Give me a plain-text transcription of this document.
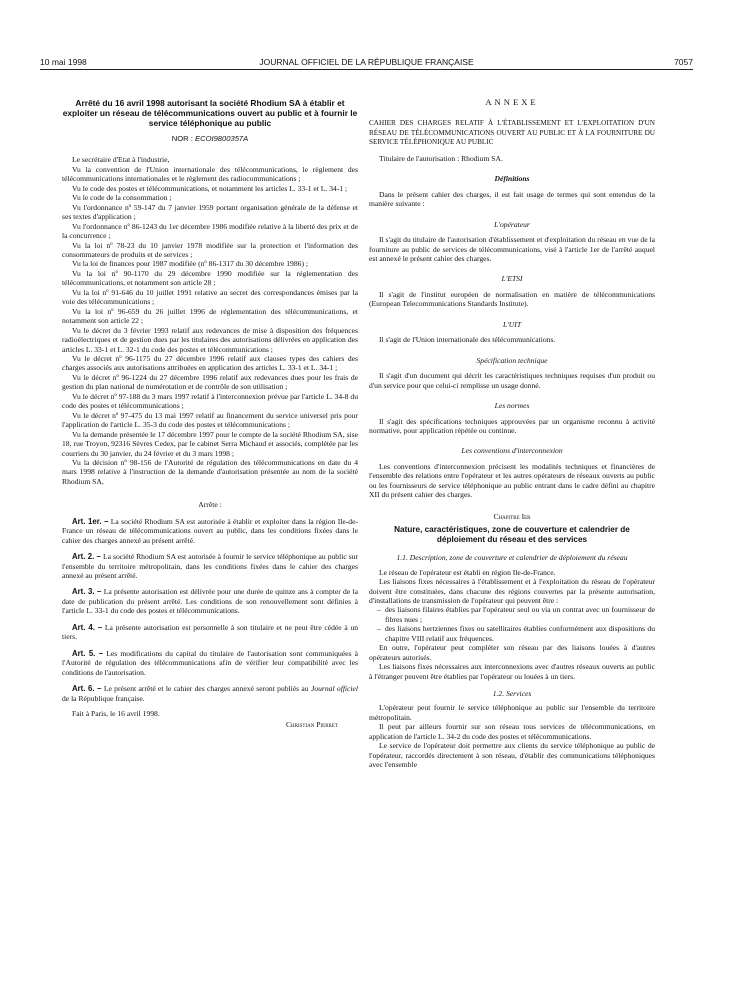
10 mai 1998	JOURNAL OFFICIEL DE LA RÉPUBLIQUE FRANÇAISE	7057
Arrêté du 16 avril 1998 autorisant la société Rhodium SA à établir et exploiter un réseau de télécommunications ouvert au public et à fournir le service téléphonique au public
NOR : ECOI9800357A

Le secrétaire d'Etat à l'industrie,

Vu la convention de l'Union internationale des télécommunications, le règlement des télécommunications internationales et le règlement des radiocommunications ;

Vu le code des postes et télécommunications, et notamment les articles L. 33-1 et L. 34-1 ;

Vu le code de la consommation ;

Vu l'ordonnance nº 59-147 du 7 janvier 1959 portant organisation générale de la défense et ses textes d'application ;

Vu l'ordonnance nº 86-1243 du 1er décembre 1986 modifiée relative à la liberté des prix et de la concurrence ;

Vu la loi nº 78-23 du 10 janvier 1978 modifiée sur la protection et l'information des consommateurs de produits et de services ;

Vu la loi de finances pour 1987 modifiée (nº 86-1317 du 30 décembre 1986) ;

Vu la loi nº 90-1170 du 29 décembre 1990 modifiée sur la réglementation des télécommunications, et notamment son article 28 ;

Vu la loi nº 91-646 du 10 juillet 1991 relative au secret des correspondances émises par la voie des télécommunications ;

Vu la loi nº 96-659 du 26 juillet 1996 de réglementation des télécommunications, et notamment son article 22 ;

Vu le décret du 3 février 1993 relatif aux redevances de mise à disposition des fréquences radioélectriques et de gestion dues par les titulaires des autorisations délivrées en application des articles L. 33-1 et L. 32-1 du code des postes et télécommunications ;

Vu le décret nº 96-1175 du 27 décembre 1996 relatif aux clauses types des cahiers des charges associés aux autorisations attribuées en application des articles L. 33-1 et L. 34-1 ;

Vu le décret nº 96-1224 du 27 décembre 1996 relatif aux redevances dues pour les frais de gestion du plan national de numérotation et de contrôle de son utilisation ;

Vu le décret nº 97-188 du 3 mars 1997 relatif à l'interconnexion prévue par l'article L. 34-8 du code des postes et télécommunications ;

Vu le décret nº 97-475 du 13 mai 1997 relatif au financement du service universel pris pour l'application de l'article L. 35-3 du code des postes et télécommunications ;

Vu la demande présentée le 17 décembre 1997 pour le compte de la société Rhodium SA, sise 18, rue Troyon, 92316 Sèvres Cedex, par le cabinet Serra Michaud et associés, complétée par les courriers du 30 janvier, du 24 février et du 3 mars 1998 ;

Vu la décision nº 98-156 de l'Autorité de régulation des télécommunications en date du 4 mars 1998 relative à l'instruction de la demande d'autorisation présentée au nom de la société Rhodium SA,

Arrête :

Art. 1er. – La société Rhodium SA est autorisée à établir et exploiter dans la région Ile-de-France un réseau de télécommunications ouvert au public, dans les conditions fixées dans le cahier des charges annexé au présent arrêté.

Art. 2. – La société Rhodium SA est autorisée à fournir le service téléphonique au public sur l'ensemble du territoire métropolitain, dans les conditions fixées dans le cahier des charges annexé au présent arrêté.

Art. 3. – La présente autorisation est délivrée pour une durée de quinze ans à compter de la date de publication du présent arrêté. Les conditions de son renouvellement sont définies à l'article L. 33-1 du code des postes et télécommunications.

Art. 4. – La présente autorisation est personnelle à son titulaire et ne peut être cédée à un tiers.

Art. 5. – Les modifications du capital du titulaire de l'autorisation sont communiquées à l'Autorité de régulation des télécommunications afin de vérifier leur compatibilité avec les conditions de l'autorisation.

Art. 6. – Le présent arrêté et le cahier des charges annexé seront publiés au Journal officiel de la République française.

Fait à Paris, le 16 avril 1998.

Christian Pierret
ANNEXE

CAHIER DES CHARGES RELATIF À L'ÉTABLISSEMENT ET L'EXPLOITATION D'UN RÉSEAU DE TÉLÉCOMMUNICATIONS OUVERT AU PUBLIC ET À LA FOURNITURE DU SERVICE TÉLÉPHONIQUE AU PUBLIC

Titulaire de l'autorisation : Rhodium SA.

Définitions

Dans le présent cahier des charges, il est fait usage de termes qui sont entendus de la manière suivante :

L'opérateur

Il s'agit du titulaire de l'autorisation d'établissement et d'exploitation du réseau en vue de la fourniture au public de services de télécommunications, visé à l'article 1er de l'arrêté auquel est annexé le présent cahier des charges.

L'ETSI

Il s'agit de l'institut européen de normalisation en matière de télécommunications (European Telecommunications Standards Institute).

L'UIT

Il s'agit de l'Union internationale des télécommunications.

Spécification technique

Il s'agit d'un document qui décrit les caractéristiques techniques requises d'un produit ou d'un service pour que celui-ci remplisse un usage donné.

Les normes

Il s'agit des spécifications techniques approuvées par un organisme reconnu à activité normative, pour application répétée ou continue.

Les conventions d'interconnexion

Les conventions d'interconnexion précisent les modalités techniques et financières de l'ensemble des relations entre l'opérateur et les autres opérateurs de réseaux ouverts au public ou les fournisseurs de service téléphonique au public entrant dans le cadre défini au chapitre XII du présent cahier des charges.

Chapitre Ier

Nature, caractéristiques, zone de couverture et calendrier de déploiement du réseau et des services

1.1. Description, zone de couverture et calendrier de déploiement du réseau

Le réseau de l'opérateur est établi en région Ile-de-France.

Les liaisons fixes nécessaires à l'établissement et à l'exploitation du réseau de l'opérateur doivent être constituées, dans chacune des régions couvertes par la présente autorisation, d'installations de transmission de l'opérateur qui peuvent être :

– des liaisons filaires établies par l'opérateur seul ou via un contrat avec un fournisseur de fibres nues ;

– des liaisons hertziennes fixes ou satellitaires établies conformément aux dispositions du chapitre VIII relatif aux fréquences.

En outre, l'opérateur peut compléter son réseau par des liaisons louées à d'autres opérateurs autorisés.

Les liaisons fixes nécessaires aux interconnexions avec d'autres réseaux ouverts au public à l'étranger peuvent être établies par l'opérateur ou louées à un tiers.

1.2. Services

L'opérateur peut fournir le service téléphonique au public sur l'ensemble du territoire métropolitain.

Il peut par ailleurs fournir sur son réseau tous services de télécommunications, en application de l'article L. 34-2 du code des postes et télécommunications.

Le service de l'opérateur doit permettre aux clients du service téléphonique au public de l'opérateur, raccordés directement à son réseau, d'établir des communications téléphoniques avec l'ensemble
